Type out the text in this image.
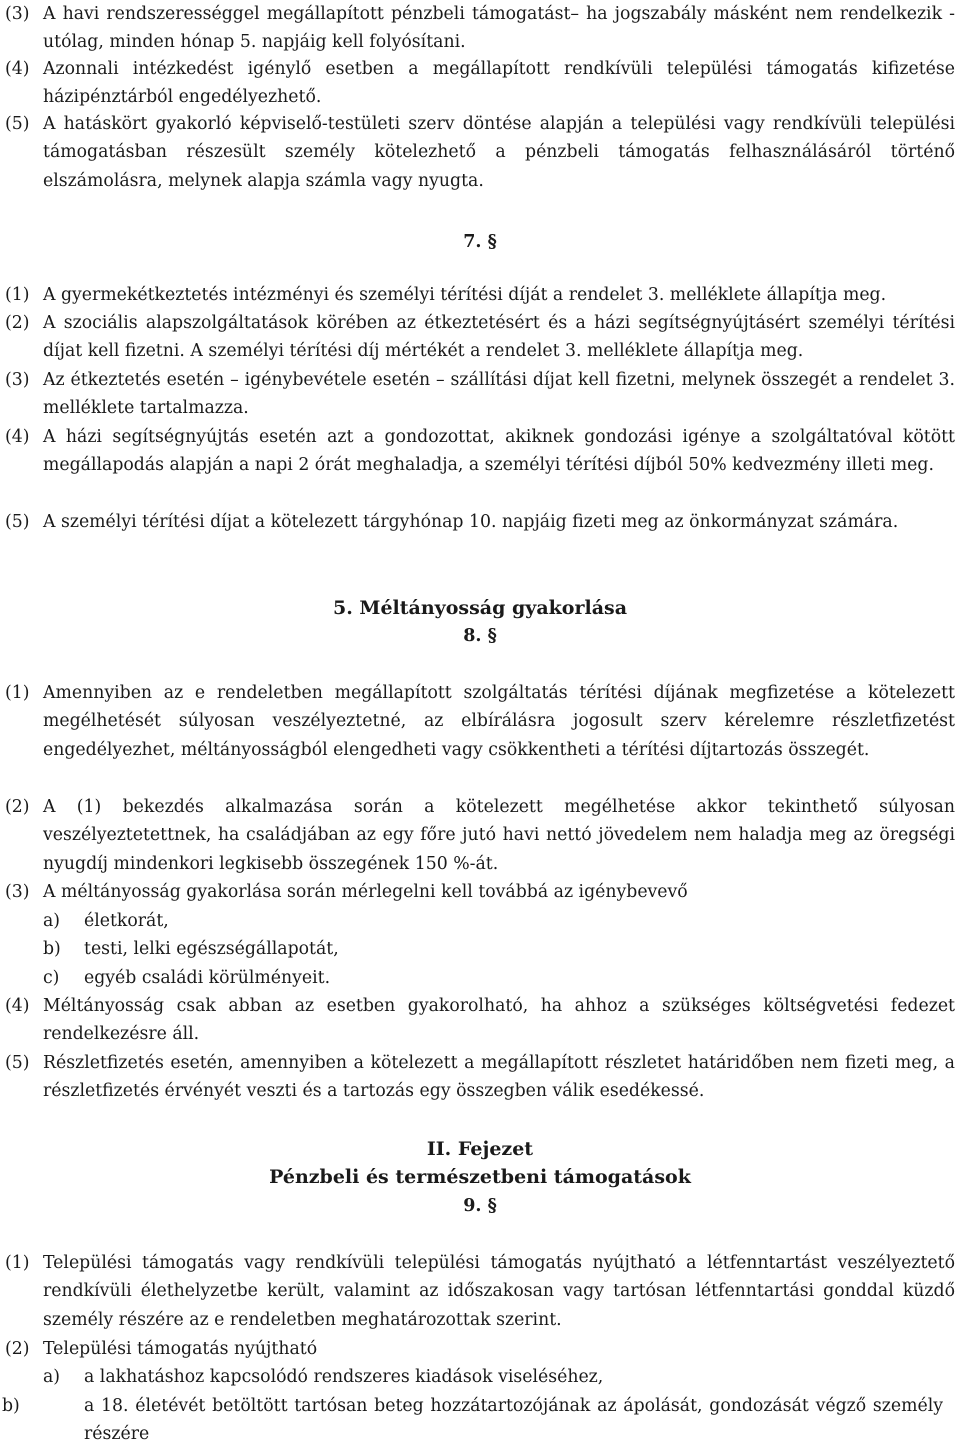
(3) A havi rendszerességgel megállapított pénzbeli támogatást– ha jogszabály másként nem rendelkezik - utólag, minden hónap 5. napjáig kell folyósítani.
(4) Azonnali intézkedést igénylő esetben a megállapított rendkívüli települési támogatás kifizetése házipénztárból engedélyezhető.
(5) A hatáskört gyakorló képviselő-testületi szerv döntése alapján a települési vagy rendkívüli települési támogatásban részesült személy kötelezhető a pénzbeli támogatás felhasználásáról történő elszámolásra, melynek alapja számla vagy nyugta.
7. §
(1) A gyermekétkeztetés intézményi és személyi térítési díját a rendelet 3. melléklete állapítja meg.
(2) A szociális alapszolgáltatások körében az étkeztetésért és a házi segítségnyújtásért személyi térítési díjat kell fizetni. A személyi térítési díj mértékét a rendelet 3. melléklete állapítja meg.
(3) Az étkeztetés esetén – igénybevétele esetén – szállítási díjat kell fizetni, melynek összegét a rendelet 3. melléklete tartalmazza.
(4) A házi segítségnyújtás esetén azt a gondozottat, akiknek gondozási igénye a szolgáltatóval kötött megállapodás alapján a napi 2 órát meghaladja, a személyi térítési díjból 50% kedvezmény illeti meg.
(5) A személyi térítési díjat a kötelezett tárgyhónap 10. napjáig fizeti meg az önkormányzat számára.
5. Méltányosság gyakorlása
8. §
(1) Amennyiben az e rendeletben megállapított szolgáltatás térítési díjának megfizetése a kötelezett megélhetését súlyosan veszélyeztetné, az elbírálásra jogosult szerv kérelemre részletfizetést engedélyezhet, méltányosságból elengedheti vagy csökkentheti a térítési díjtartozás összegét.
(2) A (1) bekezdés alkalmazása során a kötelezett megélhetése akkor tekinthető súlyosan veszélyeztetettnek, ha családjában az egy főre jutó havi nettó jövedelem nem haladja meg az öregségi nyugdíj mindenkori legkisebb összegének 150 %-át.
(3) A méltányosság gyakorlása során mérlegelni kell továbbá az igénybevevő
a) életkorát,
b) testi, lelki egészségállapotát,
c) egyéb családi körülményeit.
(4) Méltányosság csak abban az esetben gyakorolható, ha ahhoz a szükséges költségvetési fedezet rendelkezésre áll.
(5) Részletfizetés esetén, amennyiben a kötelezett a megállapított részletet határidőben nem fizeti meg, a részletfizetés érvényét veszti és a tartozás egy összegben válik esedékessé.
II. Fejezet
Pénzbeli és természetbeni támogatások
9. §
(1) Települési támogatás vagy rendkívüli települési támogatás nyújtható a létfenntartást veszélyeztető rendkívüli élethelyzetbe került, valamint az időszakosan vagy tartósan létfenntartási gonddal küzdő személy részére az e rendeletben meghatározottak szerint.
(2) Települési támogatás nyújtható
a) a lakhatáshoz kapcsolódó rendszeres kiadások viseléséhez,
b)	a 18. életévét betöltött tartósan beteg hozzátartozójának az ápolását, gondozását végző személy részére
